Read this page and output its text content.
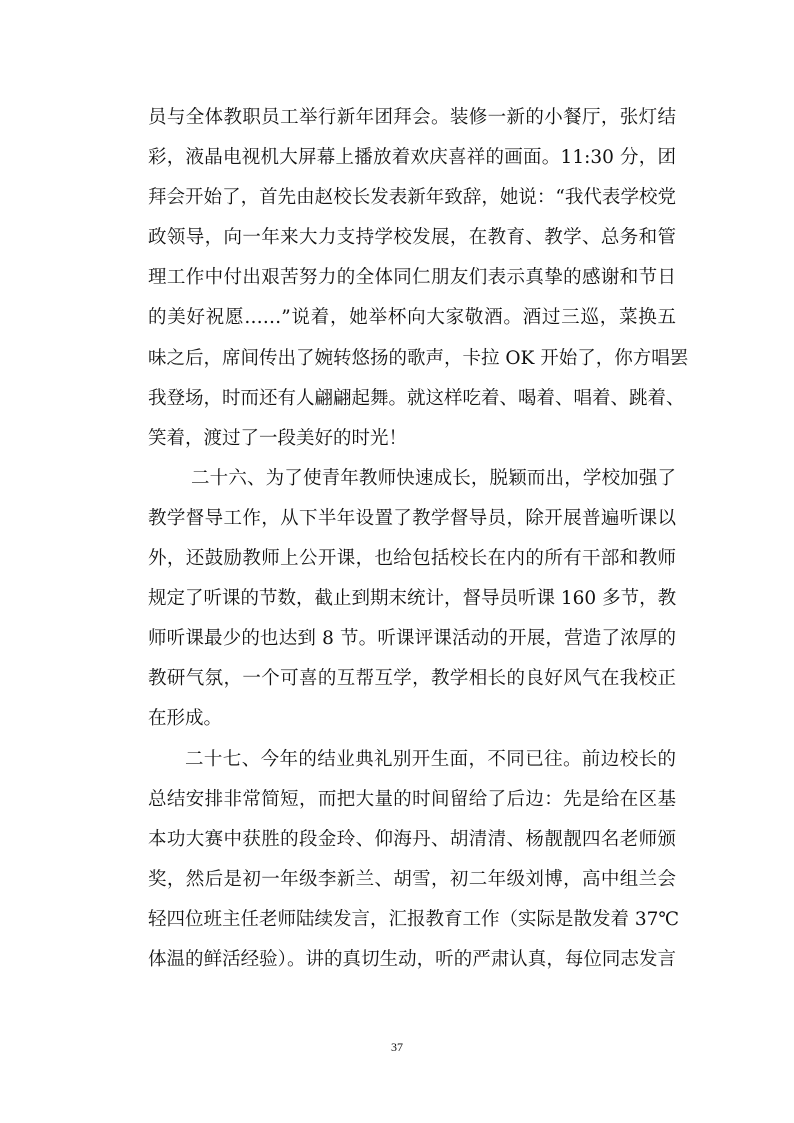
员与全体教职员工举行新年团拜会。装修一新的小餐厅，张灯结
彩，液晶电视机大屏幕上播放着欢庆喜祥的画面。11:30 分，团
拜会开始了，首先由赵校长发表新年致辞，她说：“我代表学校党
政领导，向一年来大力支持学校发展，在教育、教学、总务和管
理工作中付出艰苦努力的全体同仁朋友们表示真挚的感谢和节日
的美好祝愿……”说着，她举杯向大家敬酒。酒过三巡，菜换五
味之后，席间传出了婉转悠扬的歌声，卡拉 OK 开始了，你方唱罢
我登场，时而还有人翩翩起舞。就这样吃着、喝着、唱着、跳着、
笑着，渡过了一段美好的时光！
二十六、为了使青年教师快速成长，脱颖而出，学校加强了
教学督导工作，从下半年设置了教学督导员，除开展普遍听课以
外，还鼓励教师上公开课，也给包括校长在内的所有干部和教师
规定了听课的节数，截止到期末统计，督导员听课 160 多节，教
师听课最少的也达到 8 节。听课评课活动的开展，营造了浓厚的
教研气氛，一个可喜的互帮互学，教学相长的良好风气在我校正
在形成。
二十七、今年的结业典礼别开生面，不同已往。前边校长的
总结安排非常简短，而把大量的时间留给了后边：先是给在区基
本功大赛中获胜的段金玲、仰海丹、胡清清、杨靓靓四名老师颁
奖，然后是初一年级李新兰、胡雪，初二年级刘博，高中组兰会
轻四位班主任老师陆续发言，汇报教育工作（实际是散发着 37℃
体温的鲜活经验）。讲的真切生动，听的严肃认真，每位同志发言
37
